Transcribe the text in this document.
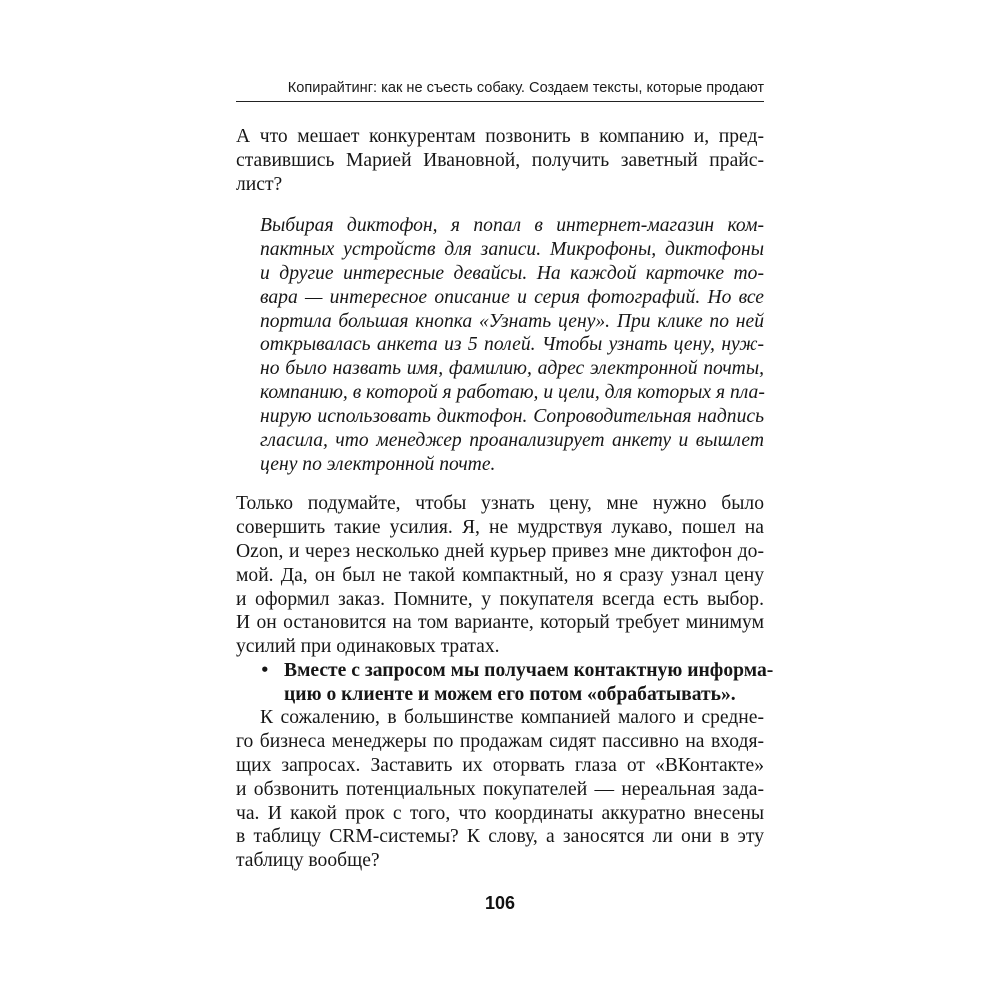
Копирайтинг: как не съесть собаку. Создаем тексты, которые продают
А что мешает конкурентам позвонить в компанию и, пред-
ставившись Марией Ивановной, получить заветный прайс-
лист?
Выбирая диктофон, я попал в интернет-магазин ком-
пактных устройств для записи. Микрофоны, диктофоны
и другие интересные девайсы. На каждой карточке то-
вара — интересное описание и серия фотографий. Но все
портила большая кнопка «Узнать цену». При клике по ней
открывалась анкета из 5 полей. Чтобы узнать цену, нуж-
но было назвать имя, фамилию, адрес электронной почты,
компанию, в которой я работаю, и цели, для которых я пла-
нирую использовать диктофон. Сопроводительная надпись
гласила, что менеджер проанализирует анкету и вышлет
цену по электронной почте.
Только подумайте, чтобы узнать цену, мне нужно было
совершить такие усилия. Я, не мудрствуя лукаво, пошел на
Ozon, и через несколько дней курьер привез мне диктофон до-
мой. Да, он был не такой компактный, но я сразу узнал цену
и оформил заказ. Помните, у покупателя всегда есть выбор.
И он остановится на том варианте, который требует минимум
усилий при одинаковых тратах.
• Вместе с запросом мы получаем контактную информа-
цию о клиенте и можем его потом «обрабатывать».
К сожалению, в большинстве компанией малого и средне-
го бизнеса менеджеры по продажам сидят пассивно на входя-
щих запросах. Заставить их оторвать глаза от «ВКонтакте»
и обзвонить потенциальных покупателей — нереальная зада-
ча. И какой прок с того, что координаты аккуратно внесены
в таблицу CRM-системы? К слову, а заносятся ли они в эту
таблицу вообще?
106
